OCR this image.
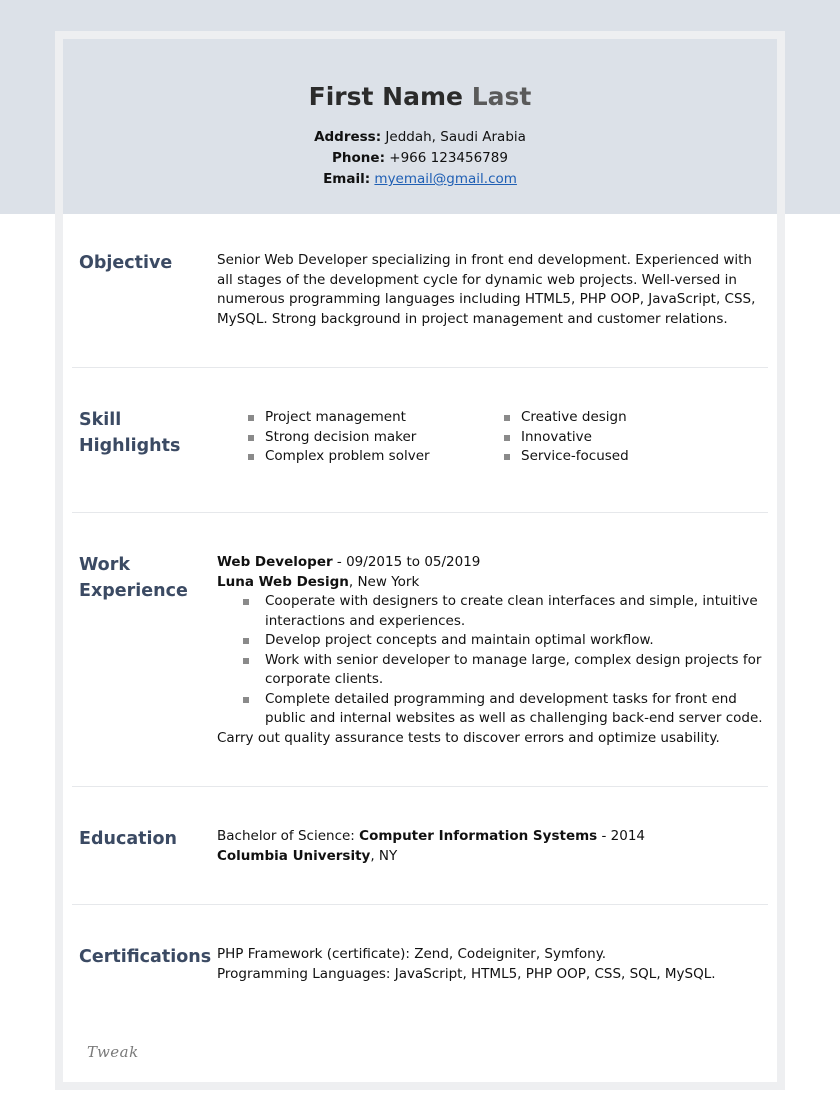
First Name Last
Address: Jeddah, Saudi Arabia
Phone: +966 123456789
Email: myemail@gmail.com
Objective	Senior Web Developer specializing in front end development. Experienced with all stages of the development cycle for dynamic web projects. Well-versed in numerous programming languages including HTML5, PHP OOP, JavaScript, CSS, MySQL. Strong background in project management and customer relations.
Skill Highlights
Project management
Strong decision maker
Complex problem solver
Creative design
Innovative
Service-focused
Work
Experience
Web Developer - 09/2015 to 05/2019
Luna Web Design, New York
Cooperate with designers to create clean interfaces and simple, intuitive interactions and experiences.
Develop project concepts and maintain optimal workflow.
Work with senior developer to manage large, complex design projects for corporate clients.
Complete detailed programming and development tasks for front end public and internal websites as well as challenging back-end server code.
Carry out quality assurance tests to discover errors and optimize usability.
Education	Bachelor of Science: Computer Information Systems - 2014
Columbia University, NY
Certifications PHP Framework (certificate): Zend, Codeigniter, Symfony.
Programming Languages: JavaScript, HTML5, PHP OOP, CSS, SQL, MySQL.
Tweak
